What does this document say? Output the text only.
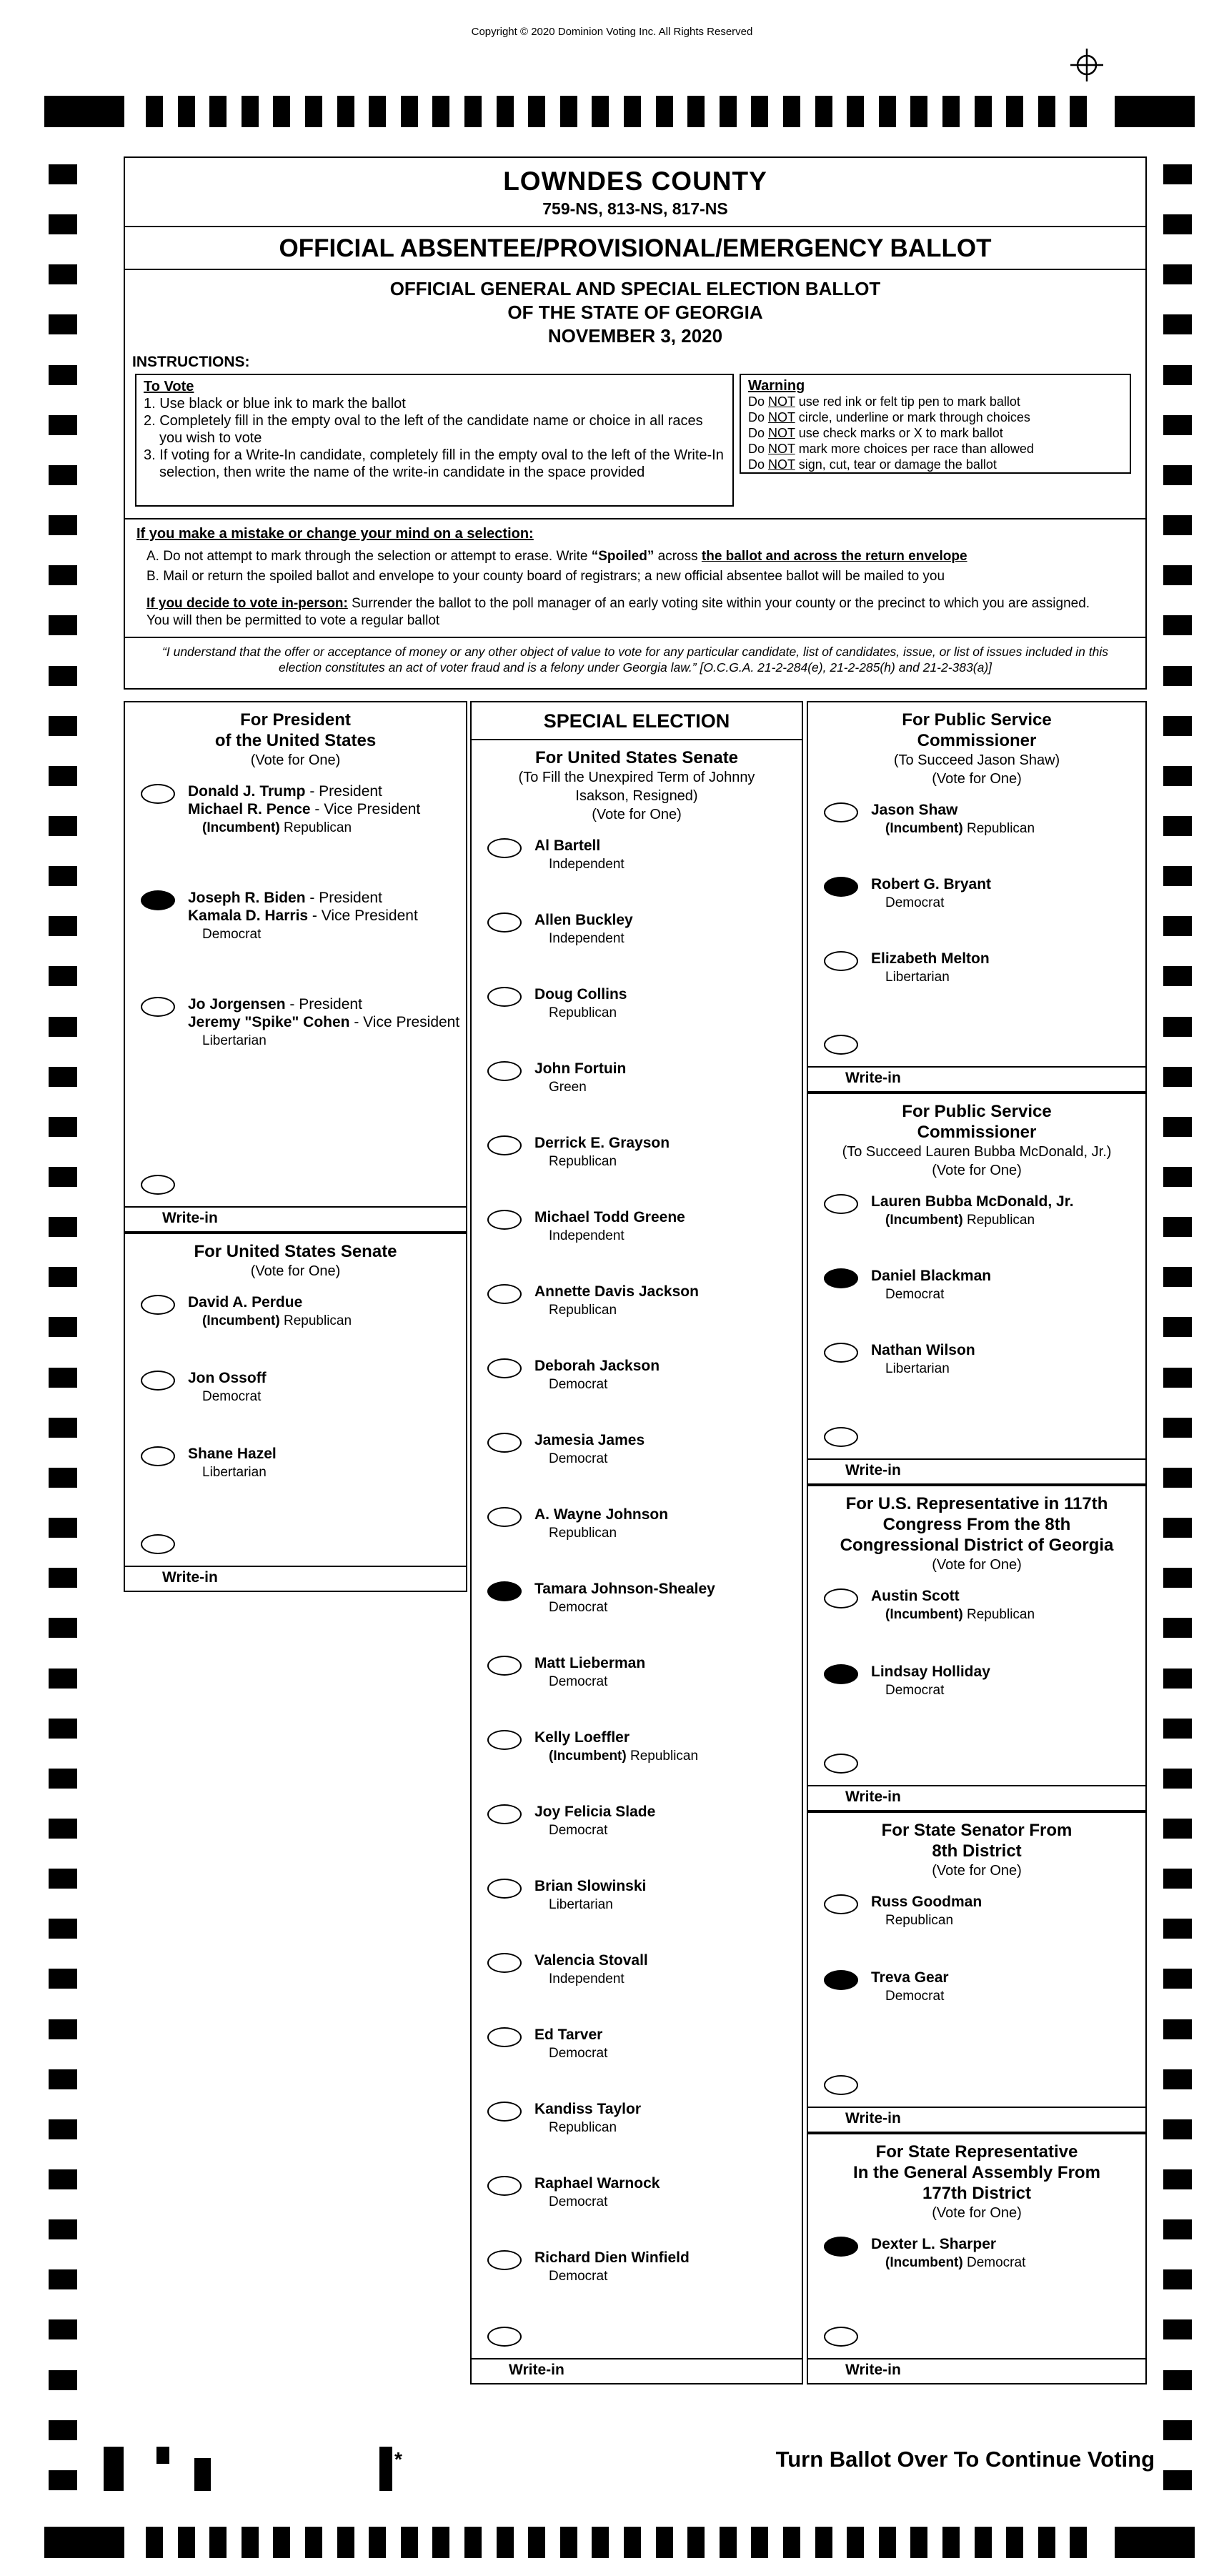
Copyright © 2020 Dominion Voting Inc. All Rights Reserved
LOWNDES COUNTY
759-NS, 813-NS, 817-NS
OFFICIAL ABSENTEE/PROVISIONAL/EMERGENCY BALLOT
OFFICIAL GENERAL AND SPECIAL ELECTION BALLOT
OF THE STATE OF GEORGIA
NOVEMBER 3, 2020
INSTRUCTIONS:
To Vote
1. Use black or blue ink to mark the ballot
2. Completely fill in the empty oval to the left of the candidate name or choice in all races you wish to vote
3. If voting for a Write-In candidate, completely fill in the empty oval to the left of the Write-In selection, then write the name of the write-in candidate in the space provided
Warning
Do NOT use red ink or felt tip pen to mark ballot
Do NOT circle, underline or mark through choices
Do NOT use check marks or X to mark ballot
Do NOT mark more choices per race than allowed
Do NOT sign, cut, tear or damage the ballot
If you make a mistake or change your mind on a selection:
A. Do not attempt to mark through the selection or attempt to erase. Write “Spoiled” across the ballot and across the return envelope
B. Mail or return the spoiled ballot and envelope to your county board of registrars; a new official absentee ballot will be mailed to you
If you decide to vote in-person: Surrender the ballot to the poll manager of an early voting site within your county or the precinct to which you are assigned. You will then be permitted to vote a regular ballot
“I understand that the offer or acceptance of money or any other object of value to vote for any particular candidate, list of candidates, issue, or list of issues included in this election constitutes an act of voter fraud and is a felony under Georgia law.” [O.C.G.A. 21-2-284(e), 21-2-285(h) and 21-2-383(a)]
For President
of the United States
(Vote for One)
Donald J. Trump - President
Michael R. Pence - Vice President
(Incumbent) Republican
Joseph R. Biden - President
Kamala D. Harris - Vice President
Democrat
Jo Jorgensen - President
Jeremy "Spike" Cohen - Vice President
Libertarian
Write-in
For United States Senate
(Vote for One)
David A. Perdue
(Incumbent) Republican
Jon Ossoff
Democrat
Shane Hazel
Libertarian
Write-in
SPECIAL ELECTION
For United States Senate
(To Fill the Unexpired Term of Johnny
Isakson, Resigned)
(Vote for One)
Al Bartell
Independent
Allen Buckley
Independent
Doug Collins
Republican
John Fortuin
Green
Derrick E. Grayson
Republican
Michael Todd Greene
Independent
Annette Davis Jackson
Republican
Deborah Jackson
Democrat
Jamesia James
Democrat
A. Wayne Johnson
Republican
Tamara Johnson-Shealey
Democrat
Matt Lieberman
Democrat
Kelly Loeffler
(Incumbent) Republican
Joy Felicia Slade
Democrat
Brian Slowinski
Libertarian
Valencia Stovall
Independent
Ed Tarver
Democrat
Kandiss Taylor
Republican
Raphael Warnock
Democrat
Richard Dien Winfield
Democrat
Write-in
For Public Service
Commissioner
(To Succeed Jason Shaw)
(Vote for One)
Jason Shaw
(Incumbent) Republican
Robert G. Bryant
Democrat
Elizabeth Melton
Libertarian
Write-in
For Public Service
Commissioner
(To Succeed Lauren Bubba McDonald, Jr.)
(Vote for One)
Lauren Bubba McDonald, Jr.
(Incumbent) Republican
Daniel Blackman
Democrat
Nathan Wilson
Libertarian
Write-in
For U.S. Representative in 117th
Congress From the 8th
Congressional District of Georgia
(Vote for One)
Austin Scott
(Incumbent) Republican
Lindsay Holliday
Democrat
Write-in
For State Senator From
8th District
(Vote for One)
Russ Goodman
Republican
Treva Gear
Democrat
Write-in
For State Representative
In the General Assembly From
177th District
(Vote for One)
Dexter L. Sharper
(Incumbent) Democrat
Write-in
Turn Ballot Over To Continue Voting
*
